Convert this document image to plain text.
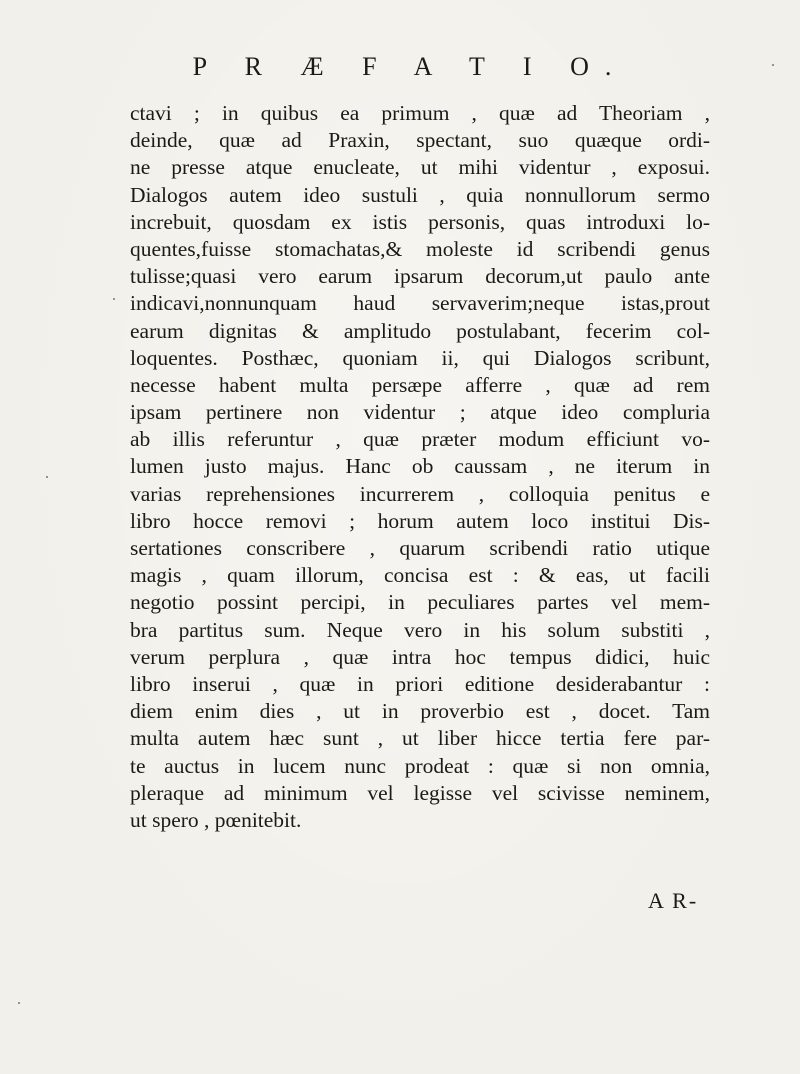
P R Æ F A T I O.
ctavi ; in quibus ea primum , quæ ad Theoriam ,
deinde, quæ ad Praxin, spectant, suo quæque ordi-
ne presse atque enucleate, ut mihi videntur , exposui.
Dialogos autem ideo sustuli , quia nonnullorum sermo
increbuit, quosdam ex istis personis, quas introduxi lo-
quentes,fuisse stomachatas,& moleste id scribendi genus
tulisse;quasi vero earum ipsarum decorum,ut paulo ante
indicavi,nonnunquam haud servaverim;neque istas,prout
earum dignitas & amplitudo postulabant, fecerim col-
loquentes. Posthæc, quoniam ii, qui Dialogos scribunt,
necesse habent multa persæpe afferre , quæ ad rem
ipsam pertinere non videntur ; atque ideo compluria
ab illis referuntur , quæ præter modum efficiunt vo-
lumen justo majus. Hanc ob caussam , ne iterum in
varias reprehensiones incurrerem , colloquia penitus e
libro hocce removi ; horum autem loco institui Dis-
sertationes conscribere , quarum scribendi ratio utique
magis , quam illorum, concisa est : & eas, ut facili
negotio possint percipi, in peculiares partes vel mem-
bra partitus sum. Neque vero in his solum substiti ,
verum perplura , quæ intra hoc tempus didici, huic
libro inserui , quæ in priori editione desiderabantur :
diem enim dies , ut in proverbio est , docet. Tam
multa autem hæc sunt , ut liber hicce tertia fere par-
te auctus in lucem nunc prodeat : quæ si non omnia,
pleraque ad minimum vel legisse vel scivisse neminem,
ut spero , pœnitebit.
A R-
